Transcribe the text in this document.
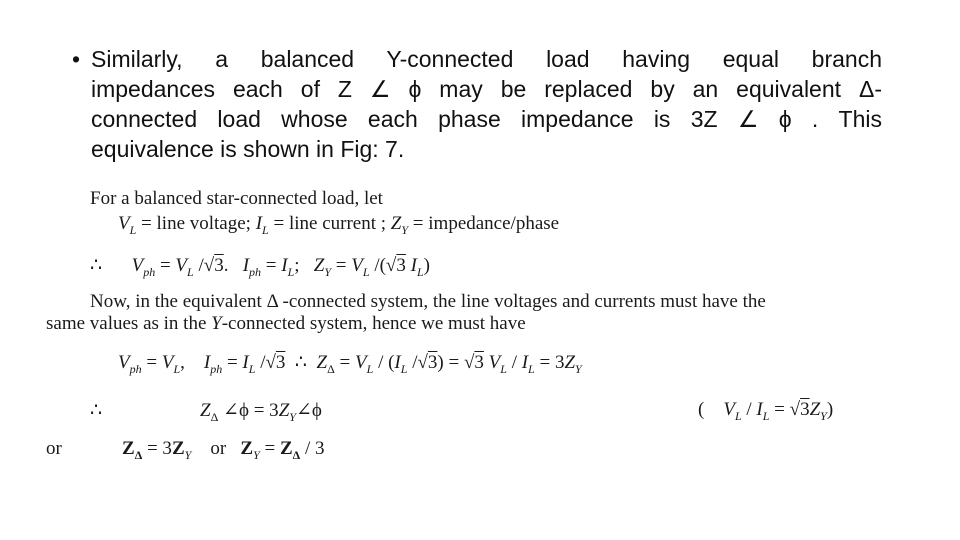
• Similarly, a balanced Y-connected load having equal branch
impedances each of Z ∠ ϕ may be replaced by an equivalent Δ-
connected load whose each phase impedance is 3Z ∠ ϕ . This
equivalence is shown in Fig: 7.
For a balanced star-connected load, let
$V_L$ = line voltage; $I_L$ = line current ; $Z_Y$ = impedance/phase
∴ $V_{ph} = V_L$ /√3.   $I_{ph} = I_L$;   $Z_Y = V_L$ /(√3 $I_L$)
Now, in the equivalent Δ -connected system, the line voltages and currents must have the
same values as in the Y-connected system, hence we must have
$V_{ph} = V_L$,    $I_{ph} = I_L$ /√3 ∴ $Z_\Delta = V_L / (I_L$ /√3) = √3 $V_L / I_L = 3Z_Y$
∴	$Z_\Delta$ ∠ϕ = $3Z_Y\angle\phi$	(    $V_L / I_L = √3Z_Y$)
or	$Z_\Delta = 3Z_Y$    or   $Z_Y = Z_\Delta / 3$
